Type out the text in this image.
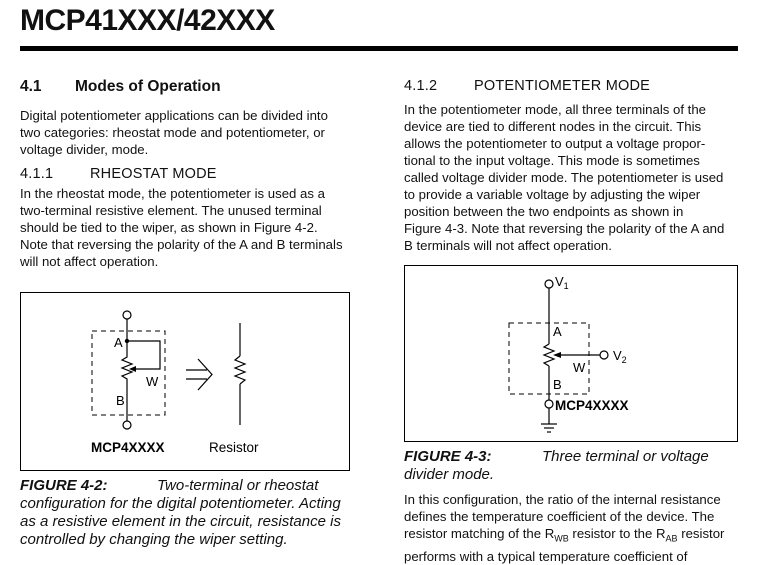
MCP41XXX/42XXX
4.1 Modes of Operation

Digital potentiometer applications can be divided into
two categories: rheostat mode and potentiometer, or
voltage divider, mode.

4.1.1	RHEOSTAT MODE

In the rheostat mode, the potentiometer is used as a
two-terminal resistive element. The unused terminal
should be tied to the wiper, as shown in Figure 4-2.
Note that reversing the polarity of the A and B terminals
will not affect operation.

A
W
B
MCP4XXXX	Resistor
FIGURE 4-2:	Two-terminal or rheostat
configuration for the digital potentiometer. Acting
as a resistive element in the circuit, resistance is
controlled by changing the wiper setting.
4.1.2	POTENTIOMETER MODE

In the potentiometer mode, all three terminals of the
device are tied to different nodes in the circuit. This
allows the potentiometer to output a voltage propor-
tional to the input voltage. This mode is sometimes
called voltage divider mode. The potentiometer is used
to provide a variable voltage by adjusting the wiper
position between the two endpoints as shown in
Figure 4-3. Note that reversing the polarity of the A and
B terminals will not affect operation.

$V_1$
$V_2$
A
W
B
MCP4XXXX
FIGURE 4-3:	Three terminal or voltage
divider mode.

In this configuration, the ratio of the internal resistance
defines the temperature coefficient of the device. The
resistor matching of the $R_{WB}$ resistor to the $R_{AB}$ resistor
performs with a typical temperature coefficient of
